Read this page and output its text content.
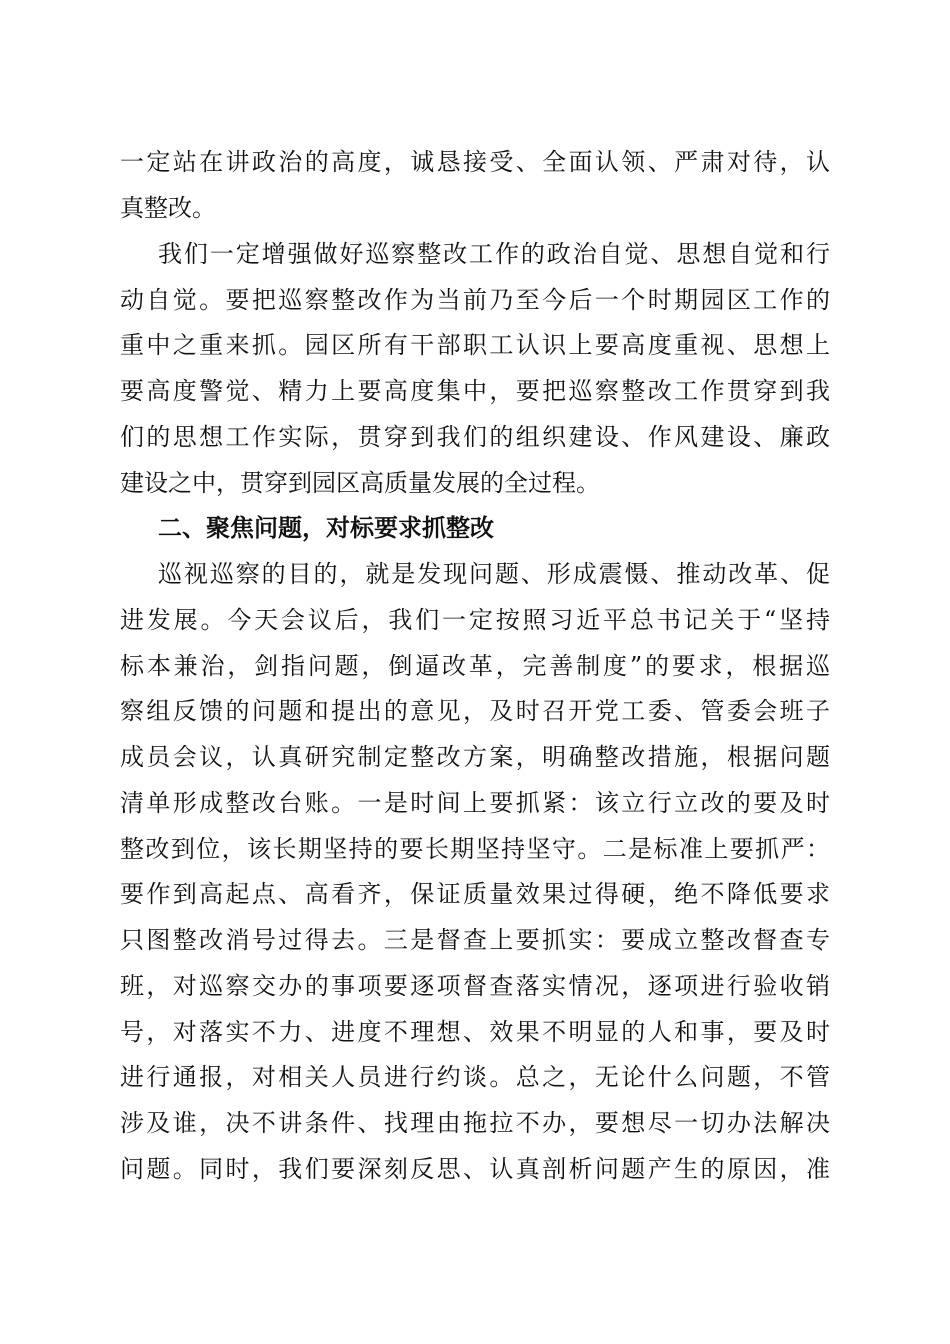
一定站在讲政治的高度，诚恳接受、全面认领、严肃对待，认
真整改。
我们一定增强做好巡察整改工作的政治自觉、思想自觉和行
动自觉。要把巡察整改作为当前乃至今后一个时期园区工作的
重中之重来抓。园区所有干部职工认识上要高度重视、思想上
要高度警觉、精力上要高度集中，要把巡察整改工作贯穿到我
们的思想工作实际，贯穿到我们的组织建设、作风建设、廉政
建设之中，贯穿到园区高质量发展的全过程。
二、聚焦问题，对标要求抓整改
巡视巡察的目的，就是发现问题、形成震慑、推动改革、促
进发展。今天会议后，我们一定按照习近平总书记关于“坚持
标本兼治，剑指问题，倒逼改革，完善制度”的要求，根据巡
察组反馈的问题和提出的意见，及时召开党工委、管委会班子
成员会议，认真研究制定整改方案，明确整改措施，根据问题
清单形成整改台账。一是时间上要抓紧：该立行立改的要及时
整改到位，该长期坚持的要长期坚持坚守。二是标准上要抓严：
要作到高起点、高看齐，保证质量效果过得硬，绝不降低要求
只图整改消号过得去。三是督查上要抓实：要成立整改督查专
班，对巡察交办的事项要逐项督查落实情况，逐项进行验收销
号，对落实不力、进度不理想、效果不明显的人和事，要及时
进行通报，对相关人员进行约谈。总之，无论什么问题，不管
涉及谁，决不讲条件、找理由拖拉不办，要想尽一切办法解决
问题。同时，我们要深刻反思、认真剖析问题产生的原因，准
